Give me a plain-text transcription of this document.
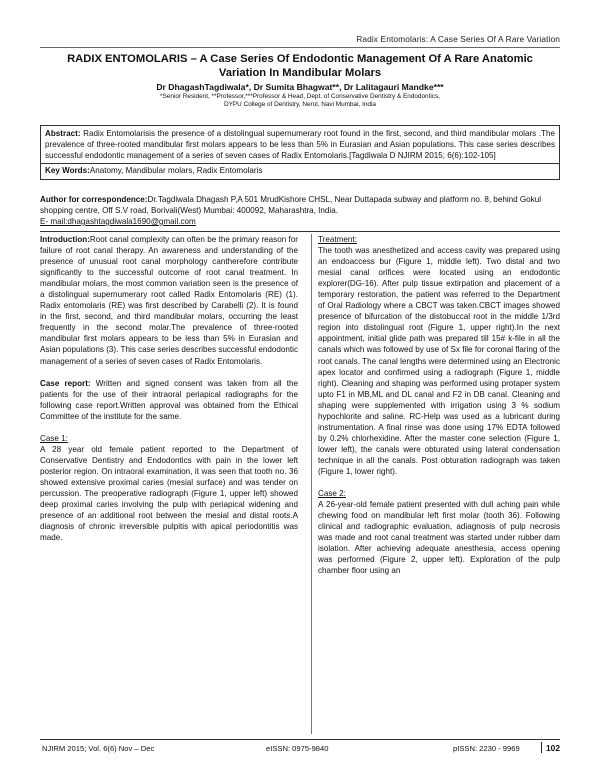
Radix Entomolaris: A Case Series Of A Rare Variation
RADIX ENTOMOLARIS – A Case Series Of Endodontic Management Of A Rare Anatomic
Variation In Mandibular Molars
Dr DhagashTagdiwala*, Dr Sumita Bhagwat**, Dr Lalitagauri Mandke***
*Senior Resident, **Professor,***Professor & Head, Dept. of Conservative Dentistry & Endodontics,
DYPU College of Dentistry, Nerul, Navi Mumbai, India
Abstract: Radix Entomolarisis the presence of a distolingual supernumerary root found in the first, second, and third mandibular molars .The prevalence of three-rooted mandibular first molars appears to be less than 5% in Eurasian and Asian populations. This case series describes successful endodontic management of a series of seven cases of Radix Entomolaris.[Tagdiwala D NJIRM 2015; 6(6):102-105]
Key Words:Anatomy, Mandibular molars, Radix Entomolaris
Author for correspondence:Dr.Tagdiwala Dhagash P,A 501 MrudKishore CHSL, Near Duttapada subway and platform no. 8, behind Gokul shopping centre, Off S.V road, Borivali(West) Mumbai: 400092, Maharashtra, India.
E- mail:dhagashtagdiwala1690@gmail.com

Introduction:Root canal complexity can often be the primary reason for failure of root canal therapy. An awareness and understanding of the presence of unusual root canal morphology cantherefore contribute significantly to the successful outcome of root canal treatment. In mandibular molars, the most common variation seen is the presence of a distolingual supernumerary root called Radix Entomolaris (RE) (1). Radix entomolaris (RE) was first described by Carabelli (2). It is found in the first, second, and third mandibular molars, occurring the least frequently in the second molar.The prevalence of three-rooted mandibular first molars appears to be less than 5% in Eurasian and Asian populations (3). This case series describes successful endodontic management of a series of seven cases of Radix Entomolaris.

Case report: Written and signed consent was taken from all the patients for the use of their intraoral periapical radiographs for the following case report.Written approval was obtained from the Ethical Committee of the institute for the same.

Case 1:
A 28 year old female patient reported to the Department of Conservative Dentistry and Endodontics with pain in the lower left posterior region. On intraoral examination, it was seen that tooth no. 36 showed extensive proximal caries (mesial surface) and was tender on percussion. The preoperative radiograph (Figure 1, upper left) showed deep proximal caries involving the pulp with periapical widening and presence of an additional root between the mesial and distal roots.A diagnosis of chronic irreversible pulpitis with apical periodontitis was made.

Treatment:
The tooth was anesthetized and access cavity was prepared using an endoaccess bur (Figure 1, middle left). Two distal and two mesial canal orifices were located using an endodontic explorer(DG-16). After pulp tissue extirpation and placement of a temporary restoration, the patient was referred to the Department of Oral Radiology where a CBCT was taken.CBCT images showed presence of bifurcation of the distobuccal root in the middle 1/3rd region into distolingual root (Figure 1, upper right).In the next appointment, initial glide path was prepared till 15# k-file in all the canals which was followed by use of Sx file for coronal flaring of the root canals. The canal lengths were determined using an Electronic apex locator and confirmed using a radiograph (Figure 1, middle right). Cleaning and shaping was performed using protaper system upto F1 in MB,ML and DL canal and F2 in DB canal. Cleaning and shaping were supplemented with irrigation using 3 % sodium hypochlorite and saline. RC-Help was used as a lubricant during instrumentation. A final rinse was done using 17% EDTA followed by 0.2% chlorhexidine. After the master cone selection (Figure 1, lower left), the canals were obturated using lateral condensation technique in all the canals. Post obturation radiograph was taken (Figure 1, lower right).

Case 2:
A 26-year-old female patient presented with dull aching pain while chewing food on mandibular left first molar (tooth 36). Following clinical and radiographic evaluation, adiagnosis of pulp necrosis was made and root canal treatment was started under rubber dam isolation. After achieving adequate anesthesia, access opening was performed (Figure 2, upper left). Exploration of the pulp chamber floor using an

NJIRM 2015; Vol. 6(6) Nov – Dec	eISSN: 0975-9840	pISSN: 2230 - 9969	102
